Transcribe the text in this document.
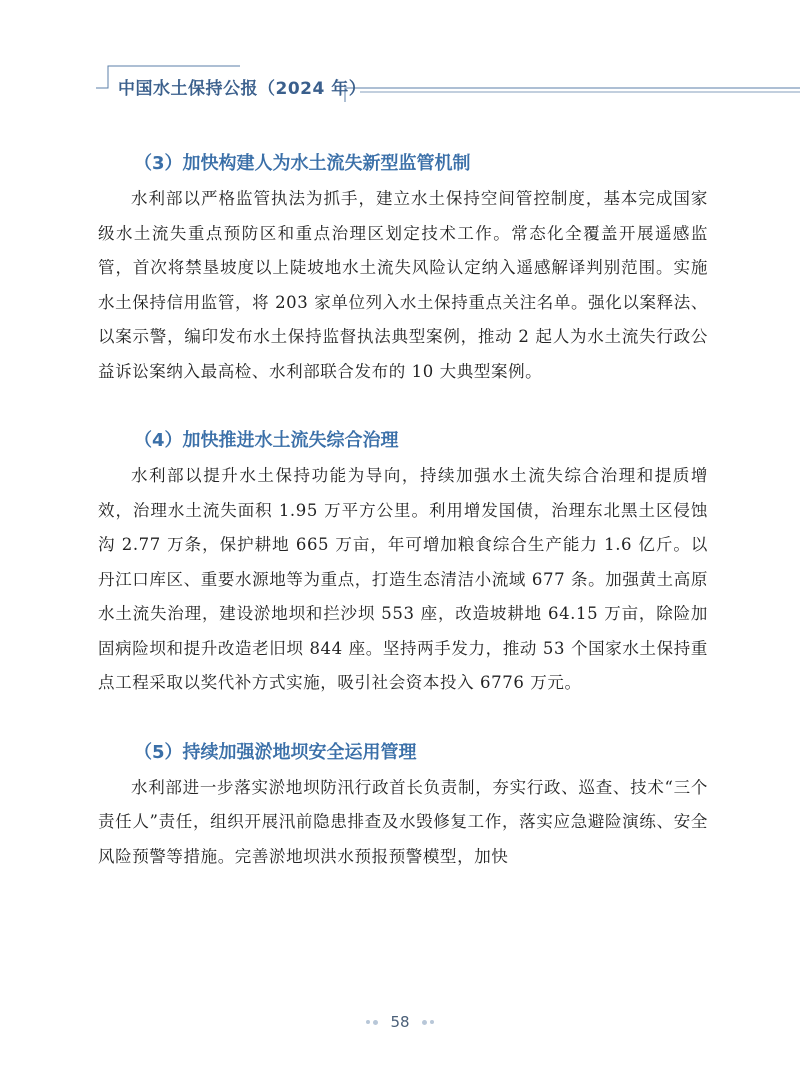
中国水土保持公报（2024 年）
（3）加快构建人为水土流失新型监管机制

水利部以严格监管执法为抓手，建立水土保持空间管控制度，基本完成国家级水土流失重点预防区和重点治理区划定技术工作。常态化全覆盖开展遥感监管，首次将禁垦坡度以上陡坡地水土流失风险认定纳入遥感解译判别范围。实施水土保持信用监管，将 203 家单位列入水土保持重点关注名单。强化以案释法、以案示警，编印发布水土保持监督执法典型案例，推动 2 起人为水土流失行政公益诉讼案纳入最高检、水利部联合发布的 10 大典型案例。

（4）加快推进水土流失综合治理

水利部以提升水土保持功能为导向，持续加强水土流失综合治理和提质增效，治理水土流失面积 1.95 万平方公里。利用增发国债，治理东北黑土区侵蚀沟 2.77 万条，保护耕地 665 万亩，年可增加粮食综合生产能力 1.6 亿斤。以丹江口库区、重要水源地等为重点，打造生态清洁小流域 677 条。加强黄土高原水土流失治理，建设淤地坝和拦沙坝 553 座，改造坡耕地 64.15 万亩，除险加固病险坝和提升改造老旧坝 844 座。坚持两手发力，推动 53 个国家水土保持重点工程采取以奖代补方式实施，吸引社会资本投入 6776 万元。

（5）持续加强淤地坝安全运用管理

水利部进一步落实淤地坝防汛行政首长负责制，夯实行政、巡查、技术“三个责任人”责任，组织开展汛前隐患排查及水毁修复工作，落实应急避险演练、安全风险预警等措施。完善淤地坝洪水预报预警模型，加快

58
